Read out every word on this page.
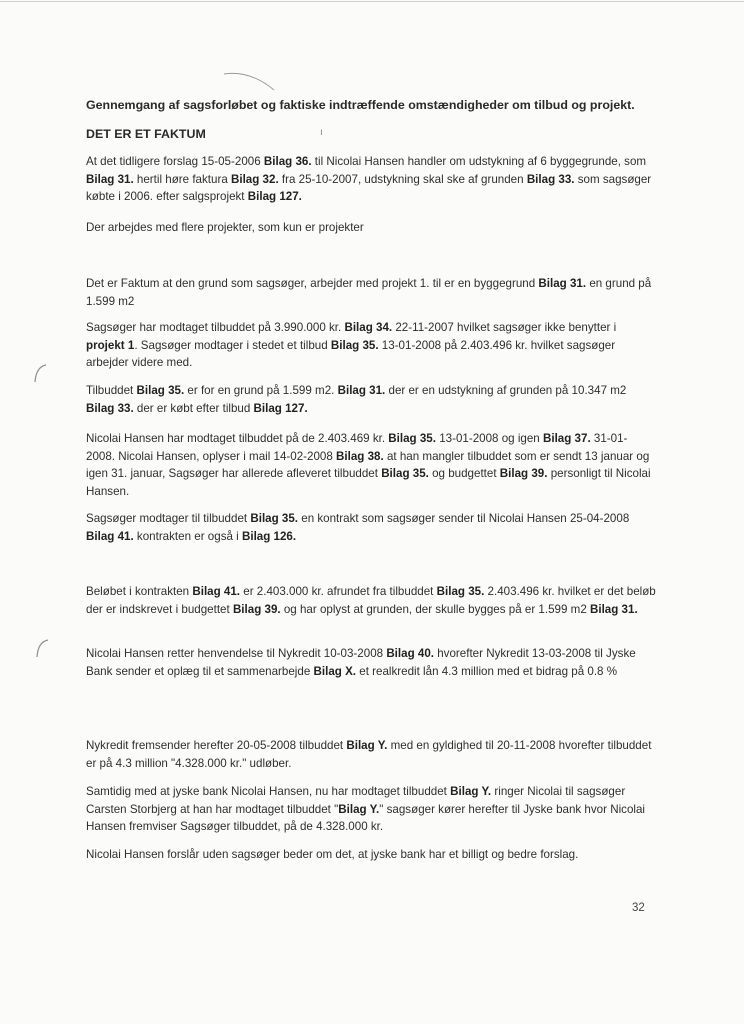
Gennemgang af sagsforløbet og faktiske indtræffende omstændigheder om tilbud og projekt.
DET ER ET FAKTUM	ı
At det tidligere forslag 15-05-2006 Bilag 36. til Nicolai Hansen handler om udstykning af 6 byggegrunde, som Bilag 31. hertil høre faktura Bilag 32. fra 25-10-2007, udstykning skal ske af grunden Bilag 33. som sagsøger købte i 2006. efter salgsprojekt Bilag 127.
Der arbejdes med flere projekter, som kun er projekter
Det er Faktum at den grund som sagsøger, arbejder med projekt 1. til er en byggegrund Bilag 31. en grund på 1.599 m2
Sagsøger har modtaget tilbuddet på 3.990.000 kr. Bilag 34. 22-11-2007 hvilket sagsøger ikke benytter i projekt 1. Sagsøger modtager i stedet et tilbud Bilag 35. 13-01-2008 på 2.403.496 kr. hvilket sagsøger arbejder videre med.
Tilbuddet Bilag 35. er for en grund på 1.599 m2. Bilag 31. der er en udstykning af grunden på 10.347 m2 Bilag 33. der er købt efter tilbud Bilag 127.
Nicolai Hansen har modtaget tilbuddet på de 2.403.469 kr. Bilag 35. 13-01-2008 og igen Bilag 37. 31-01-2008. Nicolai Hansen, oplyser i mail 14-02-2008 Bilag 38. at han mangler tilbuddet som er sendt 13 januar og igen 31. januar, Sagsøger har allerede afleveret tilbuddet Bilag 35. og budgettet Bilag 39. personligt til Nicolai Hansen.
Sagsøger modtager til tilbuddet Bilag 35. en kontrakt som sagsøger sender til Nicolai Hansen 25-04-2008 Bilag 41. kontrakten er også i Bilag 126.
Beløbet i kontrakten Bilag 41. er 2.403.000 kr. afrundet fra tilbuddet Bilag 35. 2.403.496 kr. hvilket er det beløb der er indskrevet i budgettet Bilag 39. og har oplyst at grunden, der skulle bygges på er 1.599 m2 Bilag 31.
Nicolai Hansen retter henvendelse til Nykredit 10-03-2008 Bilag 40. hvorefter Nykredit 13-03-2008 til Jyske Bank sender et oplæg til et sammenarbejde Bilag X. et realkredit lån 4.3 million med et bidrag på 0.8 %
Nykredit fremsender herefter 20-05-2008 tilbuddet Bilag Y. med en gyldighed til 20-11-2008 hvorefter tilbuddet er på 4.3 million "4.328.000 kr." udløber.
Samtidig med at jyske bank Nicolai Hansen, nu har modtaget tilbuddet Bilag Y. ringer Nicolai til sagsøger Carsten Storbjerg at han har modtaget tilbuddet "Bilag Y." sagsøger kører herefter til Jyske bank hvor Nicolai Hansen fremviser Sagsøger tilbuddet, på de 4.328.000 kr.
Nicolai Hansen forslår uden sagsøger beder om det, at jyske bank har et billigt og bedre forslag.
32
